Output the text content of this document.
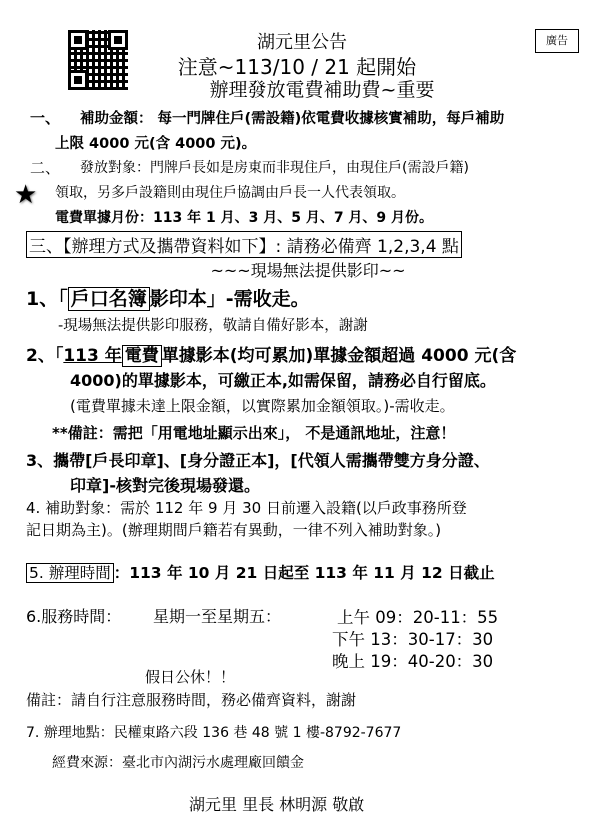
廣告
湖元里公告
注意~113/10 / 21 起開始
辦理發放電費補助費~重要
一、 補助金額： 每一門牌住戶(需設籍)依電費收據核實補助，每戶補助
上限 4000 元(含 4000 元)。
二、 發放對象：門牌戶長如是房東而非現住戶，由現住戶(需設戶籍)
★ 領取，另多戶設籍則由現住戶協調由戶長一人代表領取。
電費單據月份：113 年 1 月、3 月、5 月、7 月、9 月份。
三、【辦理方式及攜帶資料如下】: 請務必備齊 1,2,3,4 點
~~~現場無法提供影印~~
1、「 戶口名簿 影印本」-需收走。
-現場無法提供影印服務，敬請自備好影本，謝謝
2、「113 年 電費 單據影本(均可累加)單據金額超過 4000 元(含
4000)的單據影本，可繳正本,如需保留，請務必自行留底。
(電費單據未達上限金額，以實際累加金額領取。)-需收走。
**備註：需把「用電地址顯示出來」， 不是通訊地址，注意！
3、攜帶[戶長印章]、[身分證正本]，[代領人需攜帶雙方身分證、
印章]-核對完後現場發還。
4. 補助對象：需於 112 年 9 月 30 日前遷入設籍(以戶政事務所登
記日期為主)。(辦理期間戶籍若有異動，一律不列入補助對象。)
5. 辦理時間 ：113 年 10 月 21 日起至 113 年 11 月 12 日截止
6.服務時間： 星期一至星期五：	上午 09：20-11：55
下午 13：30-17：30
晚上 19：40-20：30
假日公休！！
備註：請自行注意服務時間，務必備齊資料，謝謝
7. 辦理地點：民權東路六段 136 巷 48 號 1 樓-8792-7677
經費來源：臺北市內湖污水處理廠回饋金
湖元里 里長 林明源 敬啟
